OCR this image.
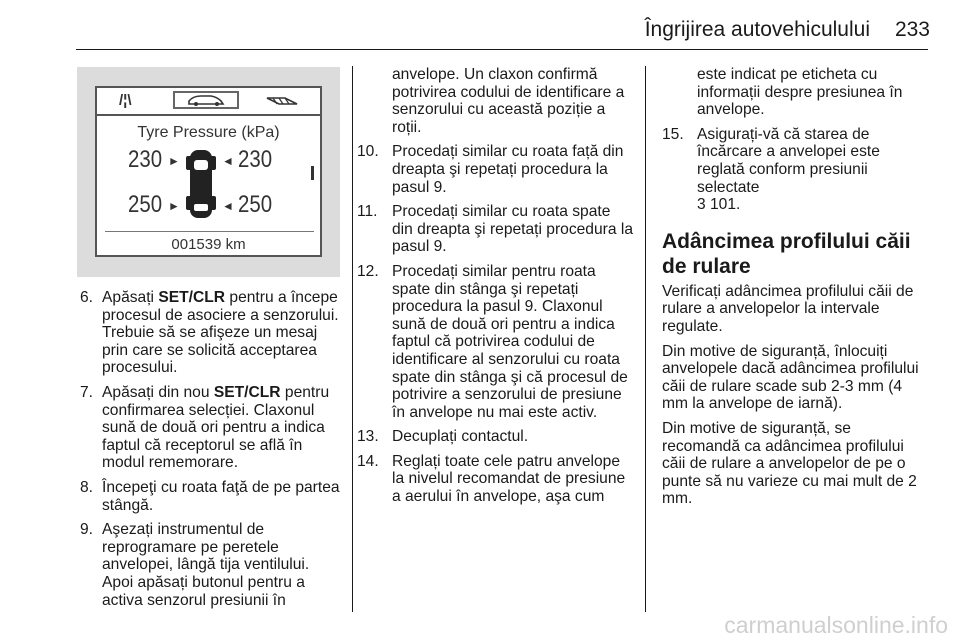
Îngrijirea autovehiculului	233
/¦\
Tyre Pressure (kPa)
230 ► 230
◄
250 ► 250
◄
001539 km
6. Apăsați SET/CLR pentru a începe procesul de asociere a senzorului. Trebuie să se afişeze un mesaj prin care se solicită acceptarea procesului.
7. Apăsați din nou SET/CLR pentru confirmarea selecției. Claxonul sună de două ori pentru a indica faptul că receptorul se află în modul rememorare.
8. Începeţi cu roata faţă de pe partea stângă.
9. Aşezați instrumentul de reprogramare pe peretele anvelopei, lângă tija ventilului. Apoi apăsați butonul pentru a activa senzorul presiunii în
anvelope. Un claxon confirmă potrivirea codului de identificare a senzorului cu această poziție a roții.
10. Procedați similar cu roata față din dreapta şi repetați procedura la pasul 9.
11. Procedați similar cu roata spate din dreapta şi repetați procedura la pasul 9.
12. Procedați similar pentru roata spate din stânga şi repetați procedura la pasul 9. Claxonul sună de două ori pentru a indica faptul că potrivirea codului de identificare al senzorului cu roata spate din stânga şi că procesul de potrivire a senzorului de presiune în anvelope nu mai este activ.
13. Decuplați contactul.
14. Reglați toate cele patru anvelope la nivelul recomandat de presiune a aerului în anvelope, aşa cum
este indicat pe eticheta cu informații despre presiunea în anvelope.
15. Asigurați-vă că starea de încărcare a anvelopei este reglată conform presiunii selectate
3 101.
Adâncimea profilului căii de rulare

Verificați adâncimea profilului căii de rulare a anvelopelor la intervale regulate.

Din motive de siguranță, înlocuiți anvelopele dacă adâncimea profilului căii de rulare scade sub 2-3 mm (4 mm la anvelope de iarnă).

Din motive de siguranță, se recomandă ca adâncimea profilului căii de rulare a anvelopelor de pe o punte să nu varieze cu mai mult de 2 mm.

carmanualsonline.info
